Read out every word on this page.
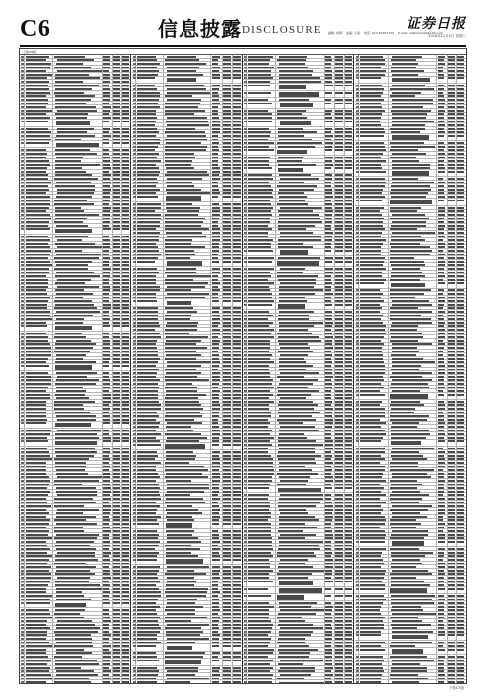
C6	信息披露 DISCLOSURE 编辑: 杨柳 美编: 王丽 电话: 010-83251730 E-mail: zqsbmarket@126.com
证券日报
2016年11月2日 星期三
上接C5版
下转C7版
